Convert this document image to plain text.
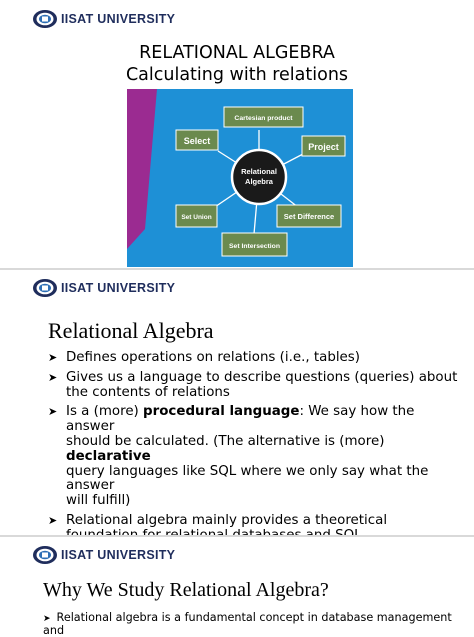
IISAT UNIVERSITY
RELATIONAL ALGEBRA
Calculating with relations
Relational
Algebra
Cartesian product
Select
Project
Set Union	Set Difference
Set Intersection
IISAT UNIVERSITY
Relational Algebra
➤ Defines operations on relations (i.e., tables)
➤ Gives us a language to describe questions (queries) about
the contents of relations
➤ Is a (more) procedural language: We say how the answer
should be calculated. (The alternative is (more) declarative
query languages like SQL where we only say what the answer
will fulfill)
➤ Relational algebra mainly provides a theoretical

IISAT UNIVERSITY
Why We Study Relational Algebra?
➤ Relational algebra is a fundamental concept in database management and
